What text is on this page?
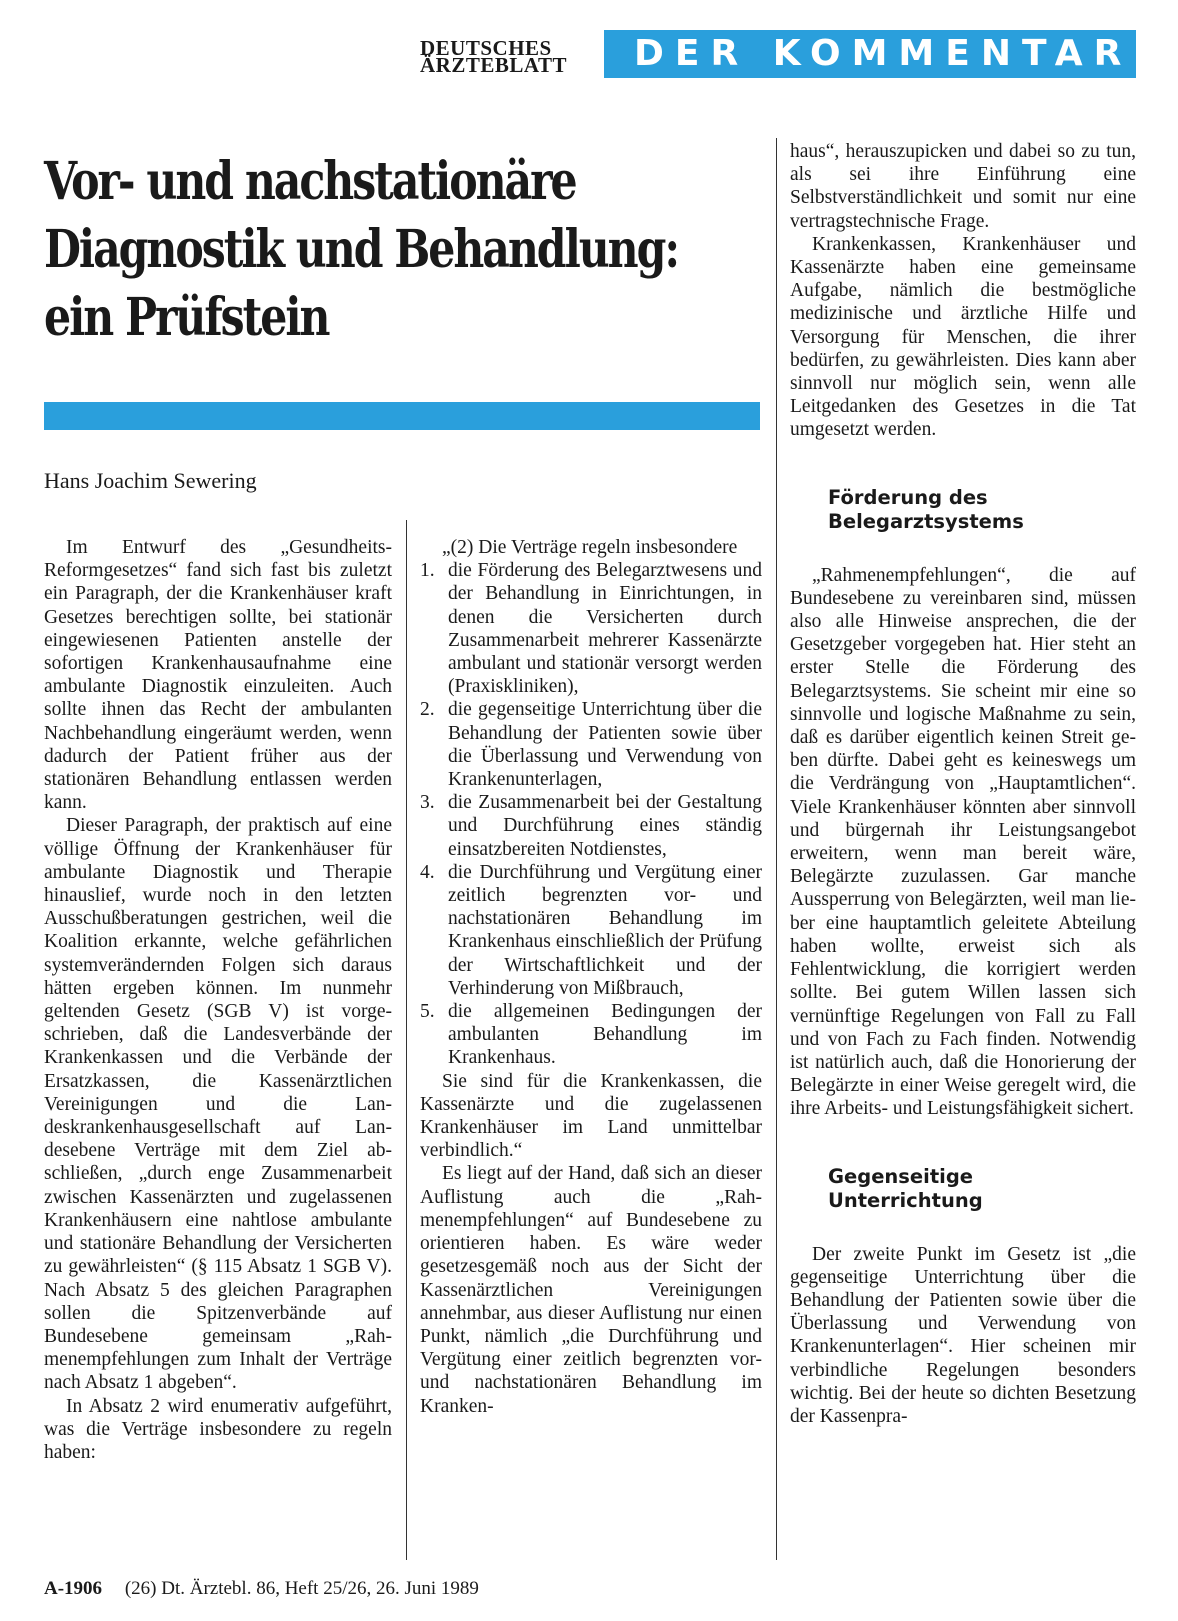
DEUTSCHES
ÄRZTEBLATT	DER KOMMENTAR
Vor- und nachstationäre
Diagnostik und Behandlung:
ein Prüfstein
Hans Joachim Sewering

Im Entwurf des „Gesundheits-Reformgesetzes“ fand sich fast bis zuletzt ein Paragraph, der die Krankenhäuser kraft Gesetzes berechtigen sollte, bei stationär eingewiesenen Patienten anstelle der sofortigen Krankenhausaufnahme eine ambulante Diagnostik einzuleiten. Auch sollte ihnen das Recht der ambulanten Nachbehandlung eingeräumt werden, wenn dadurch der Patient früher aus der stationären Behandlung entlassen werden kann.

Dieser Paragraph, der praktisch auf eine völlige Öffnung der Krankenhäuser für ambulante Diagnostik und Therapie hinauslief, wurde noch in den letzten Ausschußberatungen gestrichen, weil die Koalition erkannte, welche gefährlichen systemverändernden Folgen sich daraus hätten ergeben können. Im nunmehr geltenden Gesetz (SGB V) ist vorgeschrieben, daß die Landesverbände der Krankenkassen und die Verbände der Ersatzkassen, die Kassenärztlichen Vereinigungen und die Landeskrankenhausgesellschaft auf Landesebene Verträge mit dem Ziel abschließen, „durch enge Zusammenarbeit zwischen Kassenärzten und zugelassenen Krankenhäusern eine nahtlose ambulante und stationäre Behandlung der Versicherten zu gewährleisten“ (§ 115 Absatz 1 SGB V). Nach Absatz 5 des gleichen Paragraphen sollen die Spitzenverbände auf Bundesebene gemeinsam „Rahmenempfehlungen zum Inhalt der Verträge nach Absatz 1 abgeben“.

In Absatz 2 wird enumerativ aufgeführt, was die Verträge insbesondere zu regeln haben:

„(2) Die Verträge regeln insbesondere

1. die Förderung des Belegarztwesens und der Behandlung in Einrichtungen, in denen die Versicherten durch Zusammenarbeit mehrerer Kassenärzte ambulant und stationär versorgt werden (Praxiskliniken),
2. die gegenseitige Unterrichtung über die Behandlung der Patienten sowie über die Überlassung und Verwendung von Krankenunterlagen,
3. die Zusammenarbeit bei der Gestaltung und Durchführung eines ständig einsatzbereiten Notdienstes,
4. die Durchführung und Vergütung einer zeitlich begrenzten vor- und nachstationären Behandlung im Krankenhaus einschließlich der Prüfung der Wirtschaftlichkeit und der Verhinderung von Mißbrauch,
5. die allgemeinen Bedingungen der ambulanten Behandlung im Krankenhaus.

Sie sind für die Krankenkassen, die Kassenärzte und die zugelassenen Krankenhäuser im Land unmittelbar verbindlich.“

Es liegt auf der Hand, daß sich an dieser Auflistung auch die „Rahmenempfehlungen“ auf Bundesebene zu orientieren haben. Es wäre weder gesetzesgemäß noch aus der Sicht der Kassenärztlichen Vereinigungen annehmbar, aus dieser Auflistung nur einen Punkt, nämlich „die Durchführung und Vergütung einer zeitlich begrenzten vor- und nachstationären Behandlung im Kranken-

haus“, herauszupicken und dabei so zu tun, als sei ihre Einführung eine Selbstverständlichkeit und somit nur eine vertragstechnische Frage.

Krankenkassen, Krankenhäuser und Kassenärzte haben eine gemeinsame Aufgabe, nämlich die bestmögliche medizinische und ärztliche Hilfe und Versorgung für Menschen, die ihrer bedürfen, zu gewährleisten. Dies kann aber sinnvoll nur möglich sein, wenn alle Leitgedanken des Gesetzes in die Tat umgesetzt werden.

Förderung des
Belegarztsystems

„Rahmenempfehlungen“, die auf Bundesebene zu vereinbaren sind, müssen also alle Hinweise ansprechen, die der Gesetzgeber vorgegeben hat. Hier steht an erster Stelle die Förderung des Belegarztsystems. Sie scheint mir eine so sinnvolle und logische Maßnahme zu sein, daß es darüber eigentlich keinen Streit geben dürfte. Dabei geht es keineswegs um die Verdrängung von „Hauptamtlichen“. Viele Krankenhäuser könnten aber sinnvoll und bürgernah ihr Leistungsangebot erweitern, wenn man bereit wäre, Belegärzte zuzulassen. Gar manche Aussperrung von Belegärzten, weil man lieber eine hauptamtlich geleitete Abteilung haben wollte, erweist sich als Fehlentwicklung, die korrigiert werden sollte. Bei gutem Willen lassen sich vernünftige Regelungen von Fall zu Fall und von Fach zu Fach finden. Notwendig ist natürlich auch, daß die Honorierung der Belegärzte in einer Weise geregelt wird, die ihre Arbeits- und Leistungsfähigkeit sichert.

Gegenseitige
Unterrichtung

Der zweite Punkt im Gesetz ist „die gegenseitige Unterrichtung über die Behandlung der Patienten sowie über die Überlassung und Verwendung von Krankenunterlagen“. Hier scheinen mir verbindliche Regelungen besonders wichtig. Bei der heute so dichten Besetzung der Kassenpra-

A-1906 (26) Dt. Ärztebl. 86, Heft 25/26, 26. Juni 1989
